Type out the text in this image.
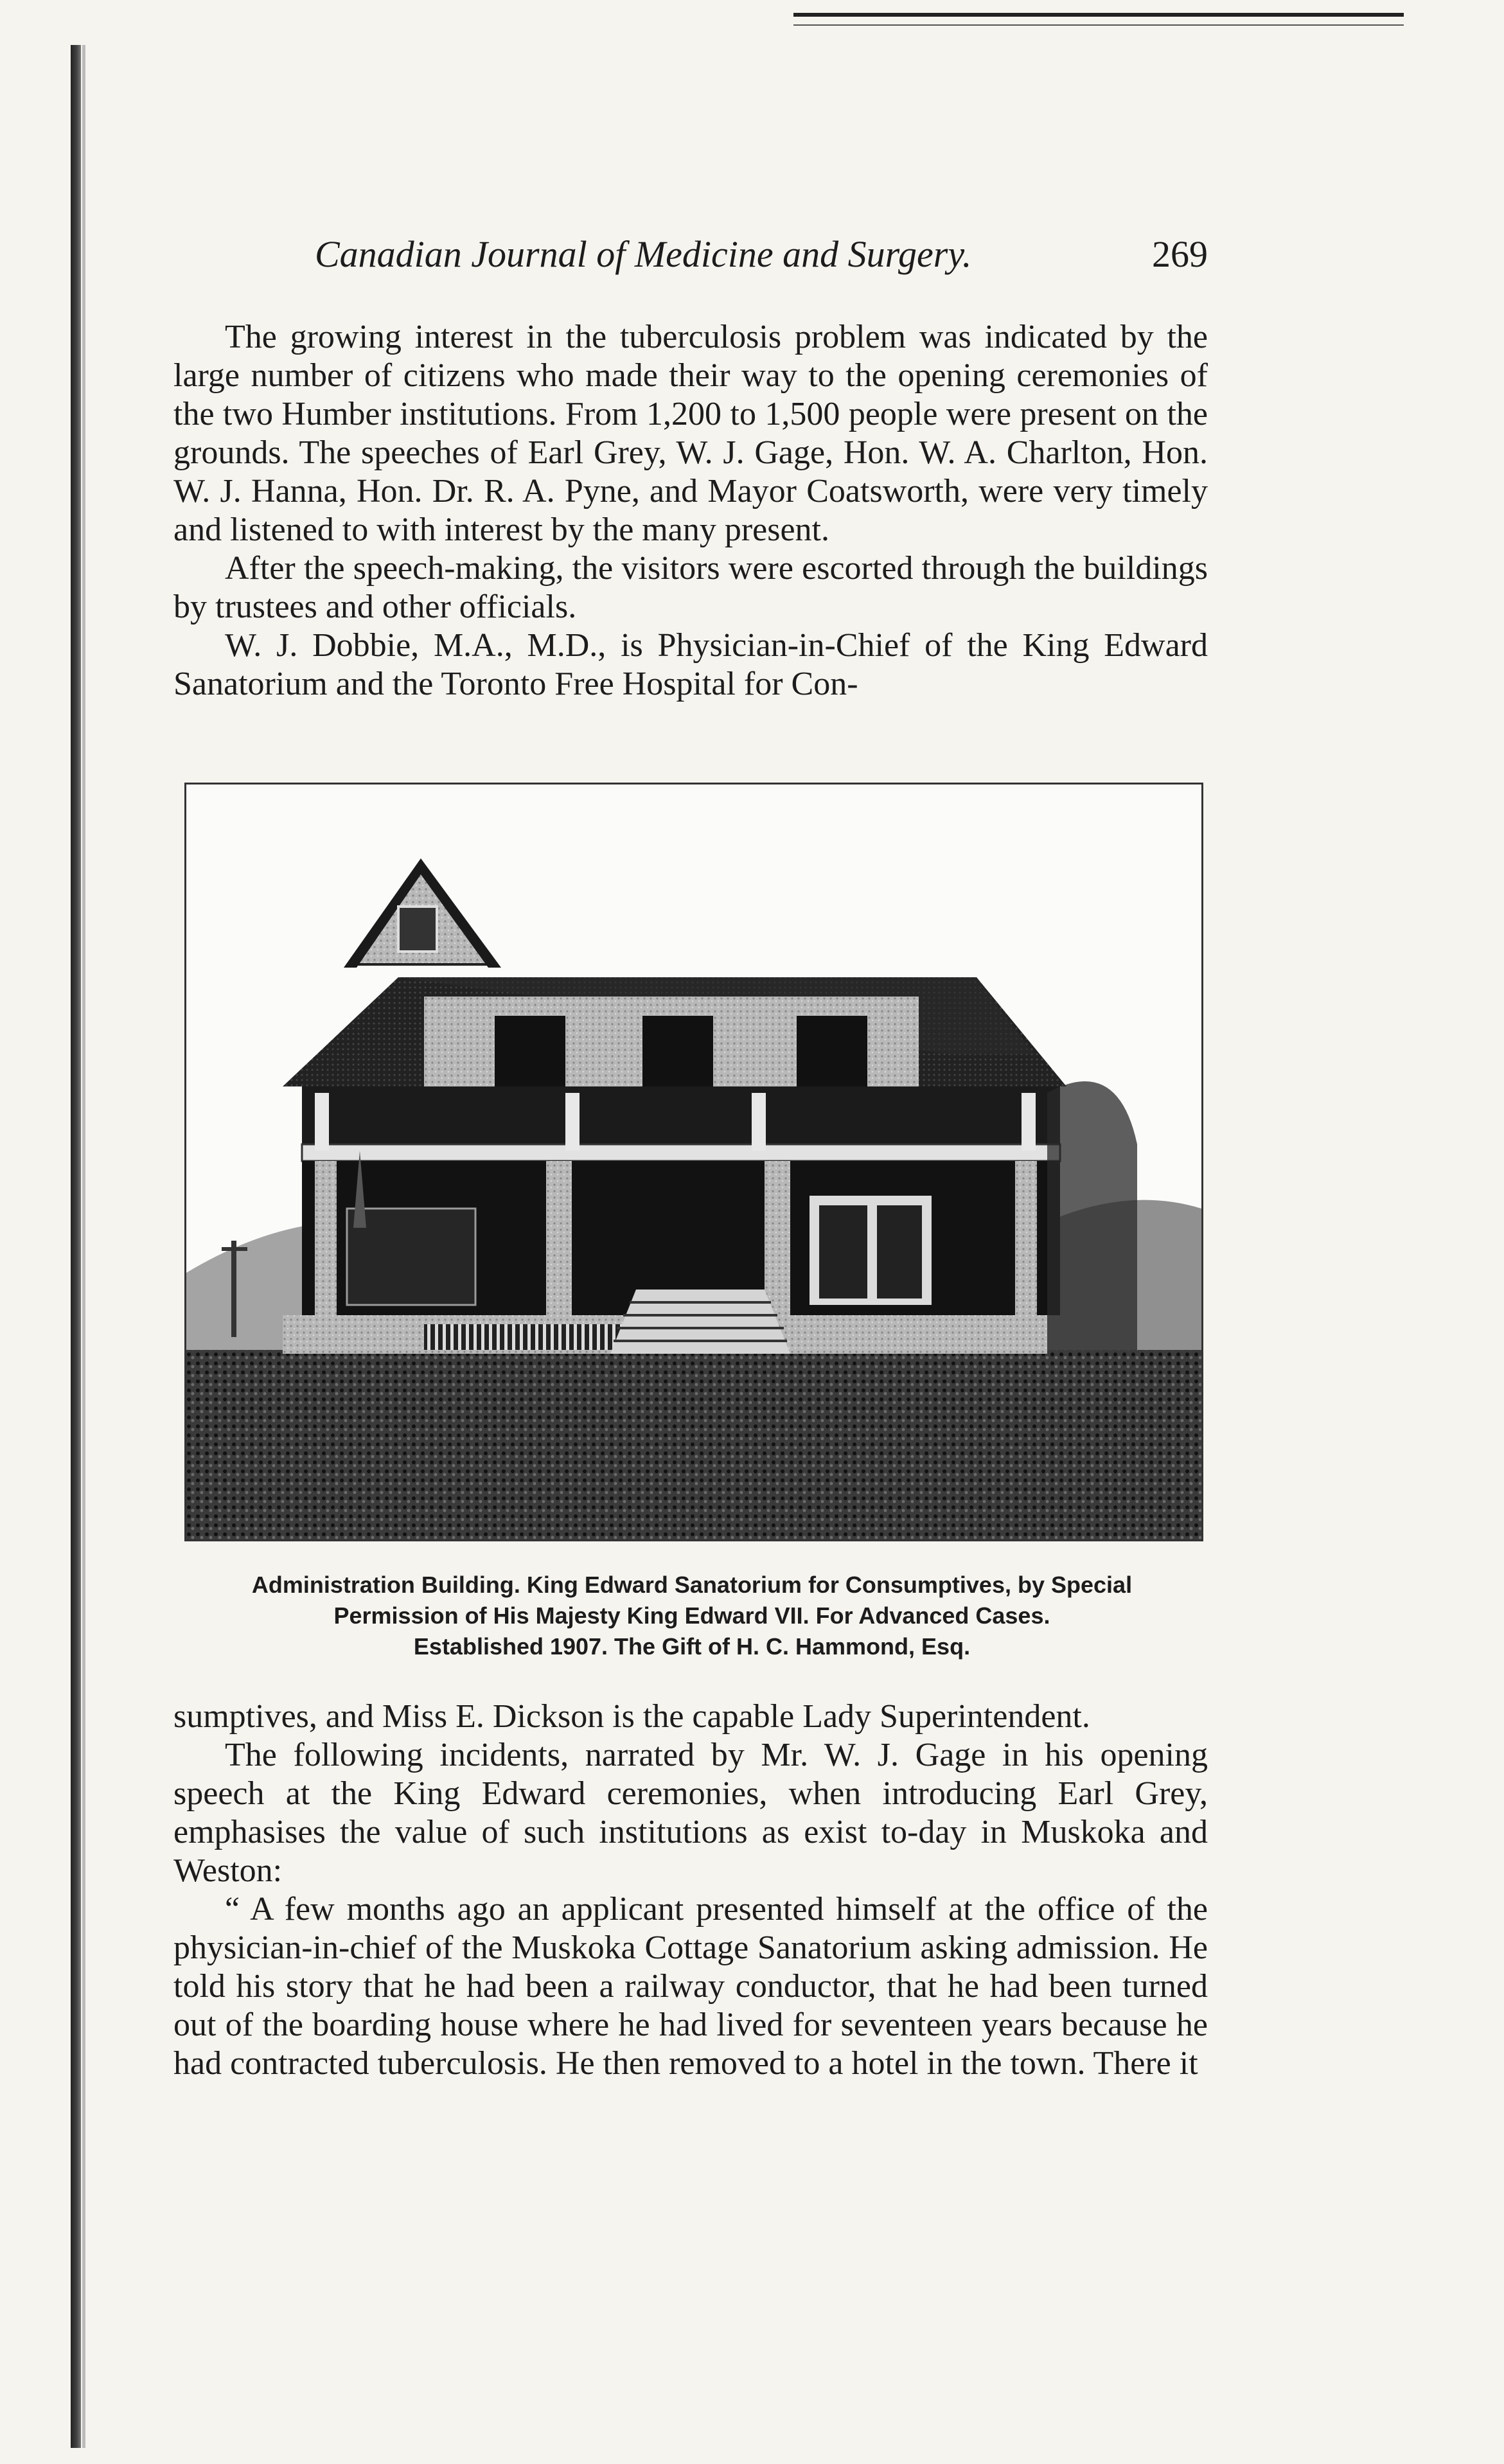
Canadian Journal of Medicine and Surgery.	269

The growing interest in the tuberculosis problem was indicated by the large number of citizens who made their way to the opening ceremonies of the two Humber institutions. From 1,200 to 1,500 people were present on the grounds. The speeches of Earl Grey, W. J. Gage, Hon. W. A. Charlton, Hon. W. J. Hanna, Hon. Dr. R. A. Pyne, and Mayor Coatsworth, were very timely and listened to with interest by the many present.

After the speech-making, the visitors were escorted through the buildings by trustees and other officials.

W. J. Dobbie, M.A., M.D., is Physician-in-Chief of the King Edward Sanatorium and the Toronto Free Hospital for Con-

Administration Building. King Edward Sanatorium for Consumptives, by Special

Permission of His Majesty King Edward VII. For Advanced Cases.

Established 1907. The Gift of H. C. Hammond, Esq.

sumptives, and Miss E. Dickson is the capable Lady Superintendent.

The following incidents, narrated by Mr. W. J. Gage in his opening speech at the King Edward ceremonies, when introducing Earl Grey, emphasises the value of such institutions as exist to-day in Muskoka and Weston:

“ A few months ago an applicant presented himself at the office of the physician-in-chief of the Muskoka Cottage Sanatorium asking admission. He told his story that he had been a railway conductor, that he had been turned out of the boarding house where he had lived for seventeen years because he had contracted tuberculosis. He then removed to a hotel in the town. There it
